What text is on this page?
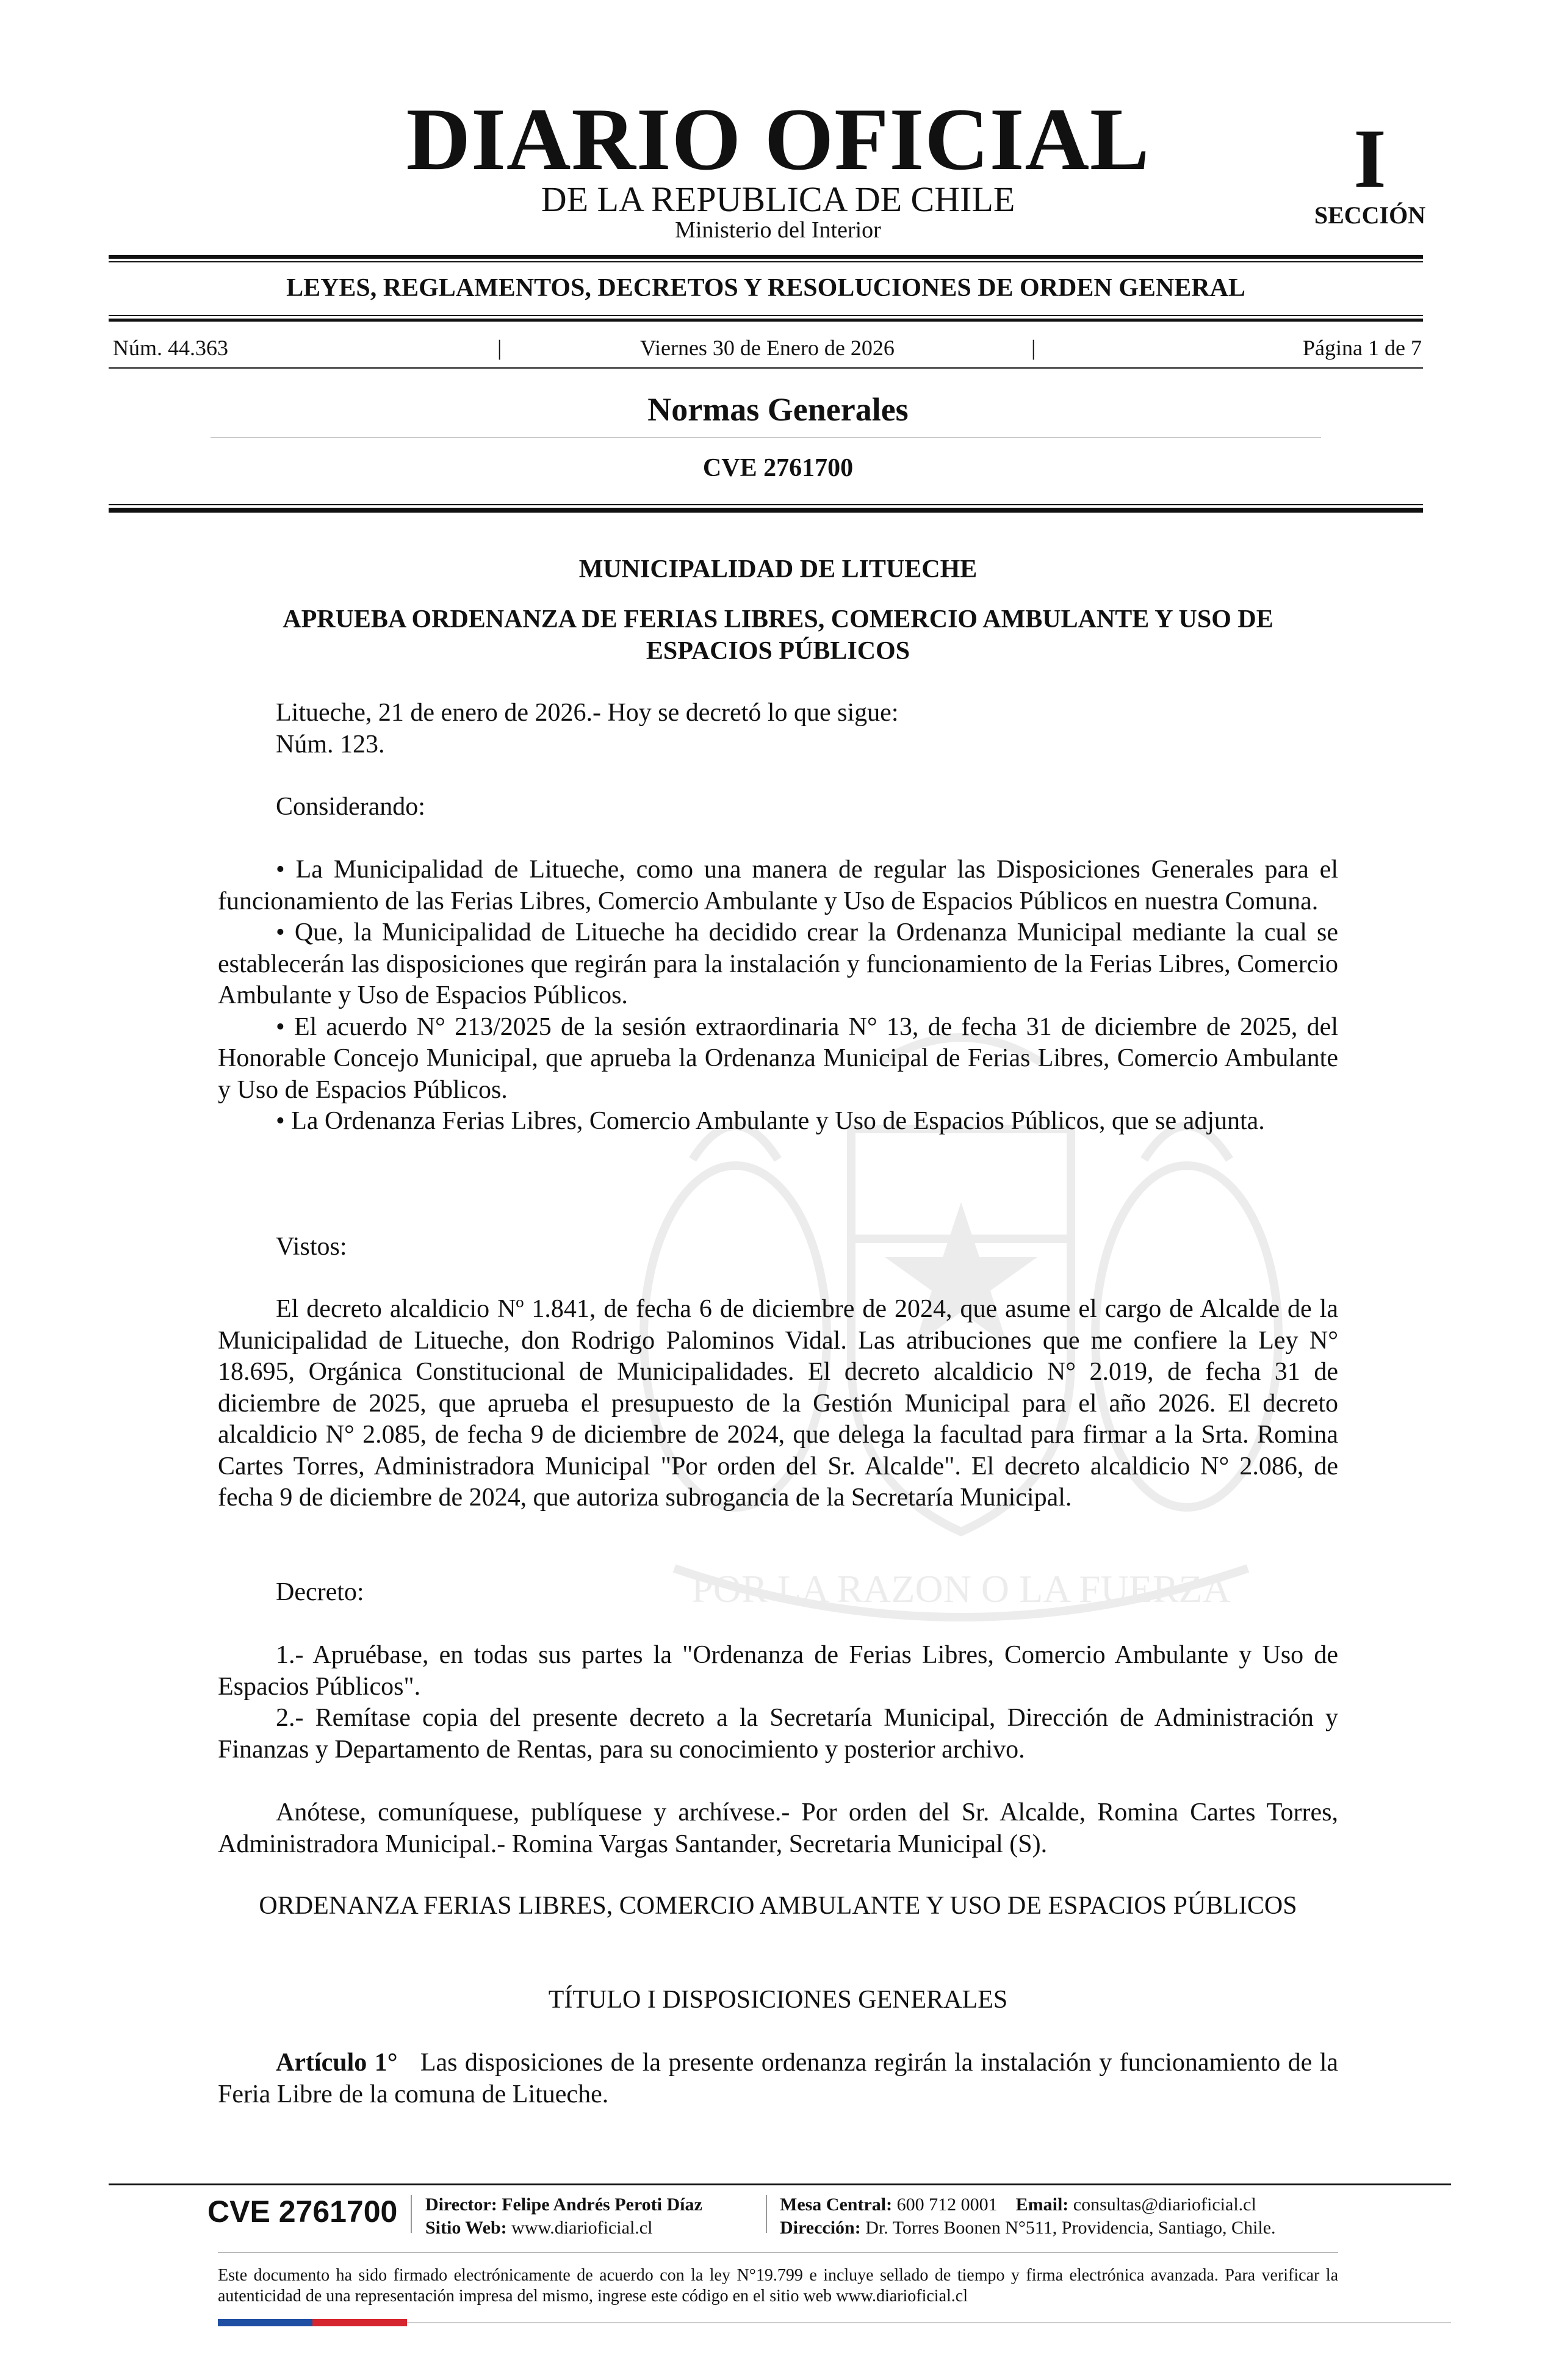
POR LA RAZON O LA FUERZA
DIARIO OFICIAL
DE LA REPUBLICA DE CHILE
Ministerio del Interior
I
SECCIÓN
LEYES, REGLAMENTOS, DECRETOS Y RESOLUCIONES DE ORDEN GENERAL
Núm. 44.363	|	Viernes 30 de Enero de 2026	|	Página 1 de 7
Normas Generales
CVE 2761700
MUNICIPALIDAD DE LITUECHE
APRUEBA ORDENANZA DE FERIAS LIBRES, COMERCIO AMBULANTE Y USO DE ESPACIOS PÚBLICOS
Litueche, 21 de enero de 2026.- Hoy se decretó lo que sigue:
Núm. 123.
Considerando:
• La Municipalidad de Litueche, como una manera de regular las Disposiciones Generales para el funcionamiento de las Ferias Libres, Comercio Ambulante y Uso de Espacios Públicos en nuestra Comuna.
• Que, la Municipalidad de Litueche ha decidido crear la Ordenanza Municipal mediante la cual se establecerán las disposiciones que regirán para la instalación y funcionamiento de la Ferias Libres, Comercio Ambulante y Uso de Espacios Públicos.
• El acuerdo N° 213/2025 de la sesión extraordinaria N° 13, de fecha 31 de diciembre de 2025, del Honorable Concejo Municipal, que aprueba la Ordenanza Municipal de Ferias Libres, Comercio Ambulante y Uso de Espacios Públicos.
• La Ordenanza Ferias Libres, Comercio Ambulante y Uso de Espacios Públicos, que se adjunta.
Vistos:
El decreto alcaldicio Nº 1.841, de fecha 6 de diciembre de 2024, que asume el cargo de Alcalde de la Municipalidad de Litueche, don Rodrigo Palominos Vidal. Las atribuciones que me confiere la Ley N° 18.695, Orgánica Constitucional de Municipalidades. El decreto alcaldicio N° 2.019, de fecha 31 de diciembre de 2025, que aprueba el presupuesto de la Gestión Municipal para el año 2026. El decreto alcaldicio N° 2.085, de fecha 9 de diciembre de 2024, que delega la facultad para firmar a la Srta. Romina Cartes Torres, Administradora Municipal "Por orden del Sr. Alcalde". El decreto alcaldicio N° 2.086, de fecha 9 de diciembre de 2024, que autoriza subrogancia de la Secretaría Municipal.
Decreto:
1.- Apruébase, en todas sus partes la "Ordenanza de Ferias Libres, Comercio Ambulante y Uso de Espacios Públicos".
2.- Remítase copia del presente decreto a la Secretaría Municipal, Dirección de Administración y Finanzas y Departamento de Rentas, para su conocimiento y posterior archivo.
Anótese, comuníquese, publíquese y archívese.- Por orden del Sr. Alcalde, Romina Cartes Torres, Administradora Municipal.- Romina Vargas Santander, Secretaria Municipal (S).
ORDENANZA FERIAS LIBRES, COMERCIO AMBULANTE Y USO DE ESPACIOS PÚBLICOS
TÍTULO I DISPOSICIONES GENERALES
Artículo 1° Las disposiciones de la presente ordenanza regirán la instalación y funcionamiento de la Feria Libre de la comuna de Litueche.
CVE 2761700 Director: Felipe Andrés Peroti Díaz
Sitio Web: www.diarioficial.cl
Mesa Central: 600 712 0001 Email: consultas@diarioficial.cl
Dirección: Dr. Torres Boonen N°511, Providencia, Santiago, Chile.
Este documento ha sido firmado electrónicamente de acuerdo con la ley N°19.799 e incluye sellado de tiempo y firma electrónica avanzada. Para verificar la autenticidad de una representación impresa del mismo, ingrese este código en el sitio web www.diarioficial.cl
